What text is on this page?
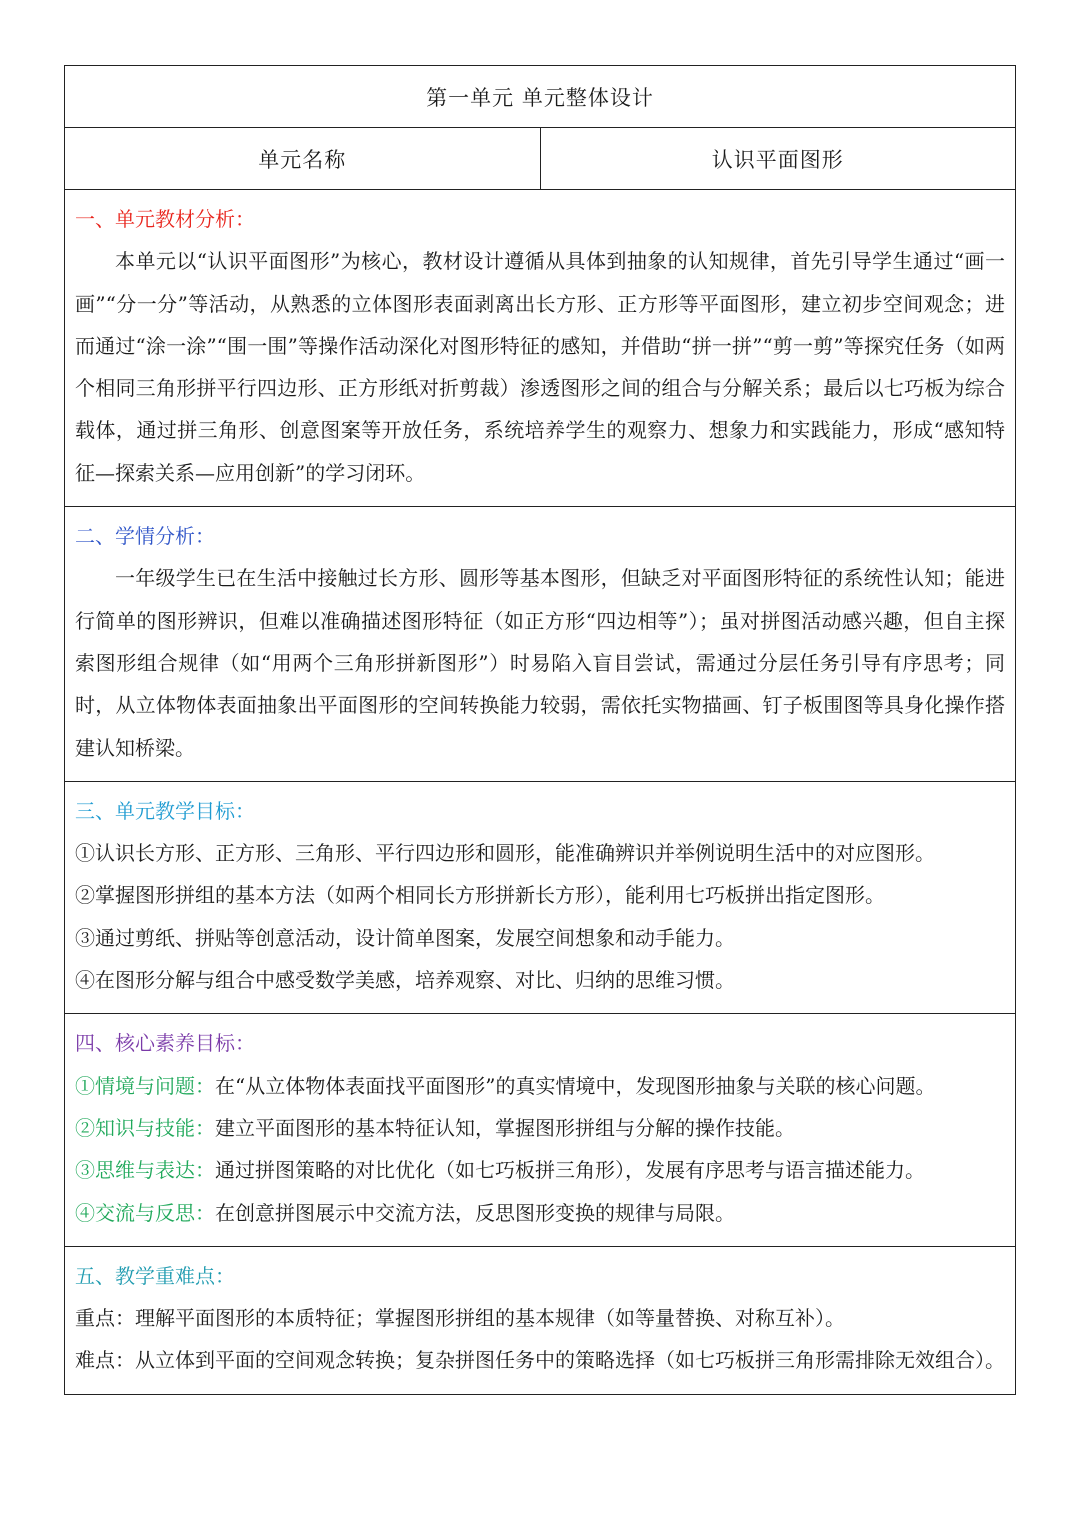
第一单元 单元整体设计
单元名称	认识平面图形

一、单元教材分析：

本单元以“认识平面图形”为核心，教材设计遵循从具体到抽象的认知规律，首先引导学生通过“画一画”“分一分”等活动，从熟悉的立体图形表面剥离出长方形、正方形等平面图形，建立初步空间观念；进而通过“涂一涂”“围一围”等操作活动深化对图形特征的感知，并借助“拼一拼”“剪一剪”等探究任务（如两个相同三角形拼平行四边形、正方形纸对折剪裁）渗透图形之间的组合与分解关系；最后以七巧板为综合载体，通过拼三角形、创意图案等开放任务，系统培养学生的观察力、想象力和实践能力，形成“感知特征—探索关系—应用创新”的学习闭环。

二、学情分析：

一年级学生已在生活中接触过长方形、圆形等基本图形，但缺乏对平面图形特征的系统性认知；能进行简单的图形辨识，但难以准确描述图形特征（如正方形“四边相等”）；虽对拼图活动感兴趣，但自主探索图形组合规律（如“用两个三角形拼新图形”）时易陷入盲目尝试，需通过分层任务引导有序思考；同时，从立体物体表面抽象出平面图形的空间转换能力较弱，需依托实物描画、钉子板围图等具身化操作搭建认知桥梁。

三、单元教学目标：

①认识长方形、正方形、三角形、平行四边形和圆形，能准确辨识并举例说明生活中的对应图形。

②掌握图形拼组的基本方法（如两个相同长方形拼新长方形），能利用七巧板拼出指定图形。

③通过剪纸、拼贴等创意活动，设计简单图案，发展空间想象和动手能力。

④在图形分解与组合中感受数学美感，培养观察、对比、归纳的思维习惯。

四、核心素养目标：

①情境与问题：在“从立体物体表面找平面图形”的真实情境中，发现图形抽象与关联的核心问题。

②知识与技能：建立平面图形的基本特征认知，掌握图形拼组与分解的操作技能。

③思维与表达：通过拼图策略的对比优化（如七巧板拼三角形），发展有序思考与语言描述能力。

④交流与反思：在创意拼图展示中交流方法，反思图形变换的规律与局限。

五、教学重难点：

重点：理解平面图形的本质特征；掌握图形拼组的基本规律（如等量替换、对称互补）。

难点：从立体到平面的空间观念转换；复杂拼图任务中的策略选择（如七巧板拼三角形需排除无效组合）。
